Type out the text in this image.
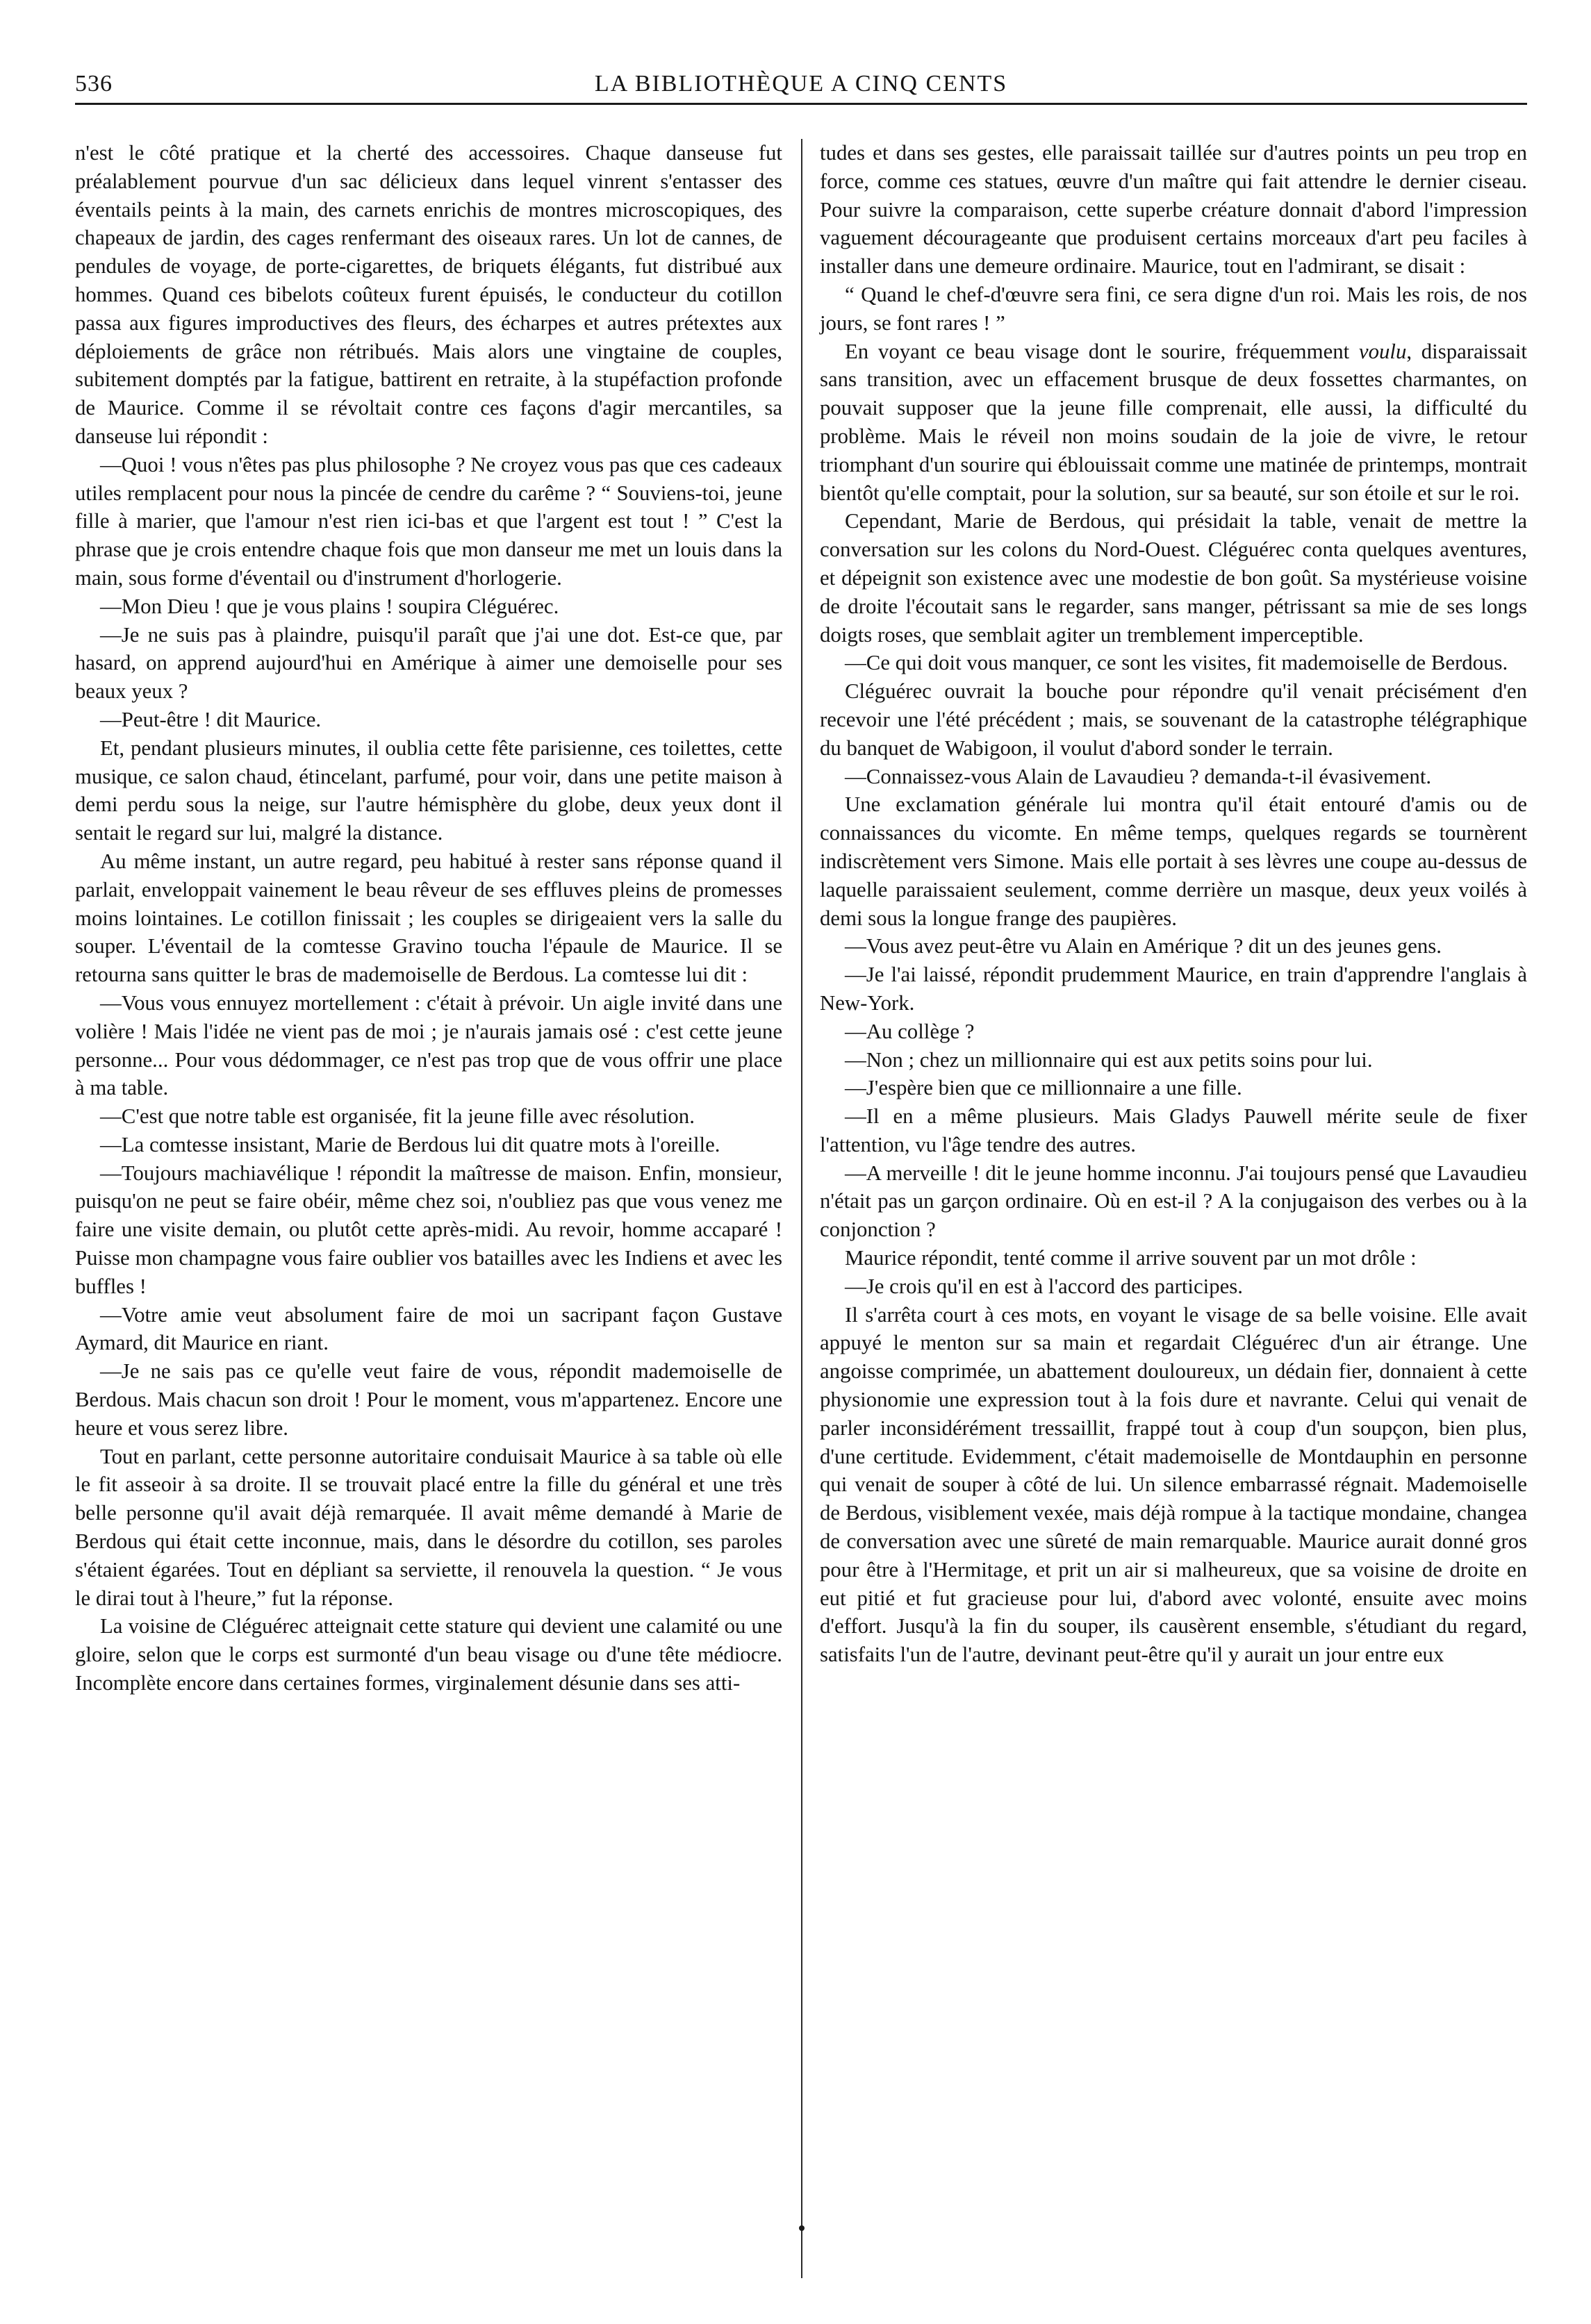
536	LA BIBLIOTHÈQUE A CINQ CENTS

n'est le côté pratique et la cherté des accessoires. Chaque danseuse fut préalablement pourvue d'un sac délicieux dans lequel vinrent s'entasser des éventails peints à la main, des carnets enrichis de montres microscopiques, des chapeaux de jardin, des cages renfermant des oiseaux rares. Un lot de cannes, de pendules de voyage, de porte-cigarettes, de briquets élégants, fut distribué aux hommes. Quand ces bibelots coûteux furent épuisés, le conducteur du cotillon passa aux figures improductives des fleurs, des écharpes et autres prétextes aux déploiements de grâce non rétribués. Mais alors une vingtaine de couples, subitement domptés par la fatigue, battirent en retraite, à la stupéfaction profonde de Maurice. Comme il se révoltait contre ces façons d'agir mercantiles, sa danseuse lui répondit :

—Quoi ! vous n'êtes pas plus philosophe ? Ne croyez vous pas que ces cadeaux utiles remplacent pour nous la pincée de cendre du carême ? “ Souviens-toi, jeune fille à marier, que l'amour n'est rien ici-bas et que l'argent est tout ! ” C'est la phrase que je crois entendre chaque fois que mon danseur me met un louis dans la main, sous forme d'éventail ou d'instrument d'horlogerie.

—Mon Dieu ! que je vous plains ! soupira Cléguérec.

—Je ne suis pas à plaindre, puisqu'il paraît que j'ai une dot. Est-ce que, par hasard, on apprend aujourd'hui en Amérique à aimer une demoiselle pour ses beaux yeux ?

—Peut-être ! dit Maurice.

Et, pendant plusieurs minutes, il oublia cette fête parisienne, ces toilettes, cette musique, ce salon chaud, étincelant, parfumé, pour voir, dans une petite maison à demi perdu sous la neige, sur l'autre hémisphère du globe, deux yeux dont il sentait le regard sur lui, malgré la distance.

Au même instant, un autre regard, peu habitué à rester sans réponse quand il parlait, enveloppait vainement le beau rêveur de ses effluves pleins de promesses moins lointaines. Le cotillon finissait ; les couples se dirigeaient vers la salle du souper. L'éventail de la comtesse Gravino toucha l'épaule de Maurice. Il se retourna sans quitter le bras de mademoiselle de Berdous. La comtesse lui dit :

—Vous vous ennuyez mortellement : c'était à prévoir. Un aigle invité dans une volière ! Mais l'idée ne vient pas de moi ; je n'aurais jamais osé : c'est cette jeune personne... Pour vous dédommager, ce n'est pas trop que de vous offrir une place à ma table.

—C'est que notre table est organisée, fit la jeune fille avec résolution.

—La comtesse insistant, Marie de Berdous lui dit quatre mots à l'oreille.

—Toujours machiavélique ! répondit la maîtresse de maison. Enfin, monsieur, puisqu'on ne peut se faire obéir, même chez soi, n'oubliez pas que vous venez me faire une visite demain, ou plutôt cette après-midi. Au revoir, homme accaparé ! Puisse mon champagne vous faire oublier vos batailles avec les Indiens et avec les buffles !

—Votre amie veut absolument faire de moi un sacripant façon Gustave Aymard, dit Maurice en riant.

—Je ne sais pas ce qu'elle veut faire de vous, répondit mademoiselle de Berdous. Mais chacun son droit ! Pour le moment, vous m'appartenez. Encore une heure et vous serez libre.

Tout en parlant, cette personne autoritaire conduisait Maurice à sa table où elle le fit asseoir à sa droite. Il se trouvait placé entre la fille du général et une très belle personne qu'il avait déjà remarquée. Il avait même demandé à Marie de Berdous qui était cette inconnue, mais, dans le désordre du cotillon, ses paroles s'étaient égarées. Tout en dépliant sa serviette, il renouvela la question. “ Je vous le dirai tout à l'heure,” fut la réponse.

La voisine de Cléguérec atteignait cette stature qui devient une calamité ou une gloire, selon que le corps est surmonté d'un beau visage ou d'une tête médiocre. Incomplète encore dans certaines formes, virginalement désunie dans ses atti-

tudes et dans ses gestes, elle paraissait taillée sur d'autres points un peu trop en force, comme ces statues, œuvre d'un maître qui fait attendre le dernier ciseau. Pour suivre la comparaison, cette superbe créature donnait d'abord l'impression vaguement décourageante que produisent certains morceaux d'art peu faciles à installer dans une demeure ordinaire. Maurice, tout en l'admirant, se disait :

“ Quand le chef-d'œuvre sera fini, ce sera digne d'un roi. Mais les rois, de nos jours, se font rares ! ”

En voyant ce beau visage dont le sourire, fréquemment voulu, disparaissait sans transition, avec un effacement brusque de deux fossettes charmantes, on pouvait supposer que la jeune fille comprenait, elle aussi, la difficulté du problème. Mais le réveil non moins soudain de la joie de vivre, le retour triomphant d'un sourire qui éblouissait comme une matinée de printemps, montrait bientôt qu'elle comptait, pour la solution, sur sa beauté, sur son étoile et sur le roi.

Cependant, Marie de Berdous, qui présidait la table, venait de mettre la conversation sur les colons du Nord-Ouest. Cléguérec conta quelques aventures, et dépeignit son existence avec une modestie de bon goût. Sa mystérieuse voisine de droite l'écoutait sans le regarder, sans manger, pétrissant sa mie de ses longs doigts roses, que semblait agiter un tremblement imperceptible.

—Ce qui doit vous manquer, ce sont les visites, fit mademoiselle de Berdous.

Cléguérec ouvrait la bouche pour répondre qu'il venait précisément d'en recevoir une l'été précédent ; mais, se souvenant de la catastrophe télégraphique du banquet de Wabigoon, il voulut d'abord sonder le terrain.

—Connaissez-vous Alain de Lavaudieu ? demanda-t-il évasivement.

Une exclamation générale lui montra qu'il était entouré d'amis ou de connaissances du vicomte. En même temps, quelques regards se tournèrent indiscrètement vers Simone. Mais elle portait à ses lèvres une coupe au-dessus de laquelle paraissaient seulement, comme derrière un masque, deux yeux voilés à demi sous la longue frange des paupières.

—Vous avez peut-être vu Alain en Amérique ? dit un des jeunes gens.

—Je l'ai laissé, répondit prudemment Maurice, en train d'apprendre l'anglais à New-York.

—Au collège ?

—Non ; chez un millionnaire qui est aux petits soins pour lui.

—J'espère bien que ce millionnaire a une fille.

—Il en a même plusieurs. Mais Gladys Pauwell mérite seule de fixer l'attention, vu l'âge tendre des autres.

—A merveille ! dit le jeune homme inconnu. J'ai toujours pensé que Lavaudieu n'était pas un garçon ordinaire. Où en est-il ? A la conjugaison des verbes ou à la conjonction ?

Maurice répondit, tenté comme il arrive souvent par un mot drôle :

—Je crois qu'il en est à l'accord des participes.

Il s'arrêta court à ces mots, en voyant le visage de sa belle voisine. Elle avait appuyé le menton sur sa main et regardait Cléguérec d'un air étrange. Une angoisse comprimée, un abattement douloureux, un dédain fier, donnaient à cette physionomie une expression tout à la fois dure et navrante. Celui qui venait de parler inconsidérément tressaillit, frappé tout à coup d'un soupçon, bien plus, d'une certitude. Evidemment, c'était mademoiselle de Montdauphin en personne qui venait de souper à côté de lui. Un silence embarrassé régnait. Mademoiselle de Berdous, visiblement vexée, mais déjà rompue à la tactique mondaine, changea de conversation avec une sûreté de main remarquable. Maurice aurait donné gros pour être à l'Hermitage, et prit un air si malheureux, que sa voisine de droite en eut pitié et fut gracieuse pour lui, d'abord avec volonté, ensuite avec moins d'effort. Jusqu'à la fin du souper, ils causèrent ensemble, s'étudiant du regard, satisfaits l'un de l'autre, devinant peut-être qu'il y aurait un jour entre eux
